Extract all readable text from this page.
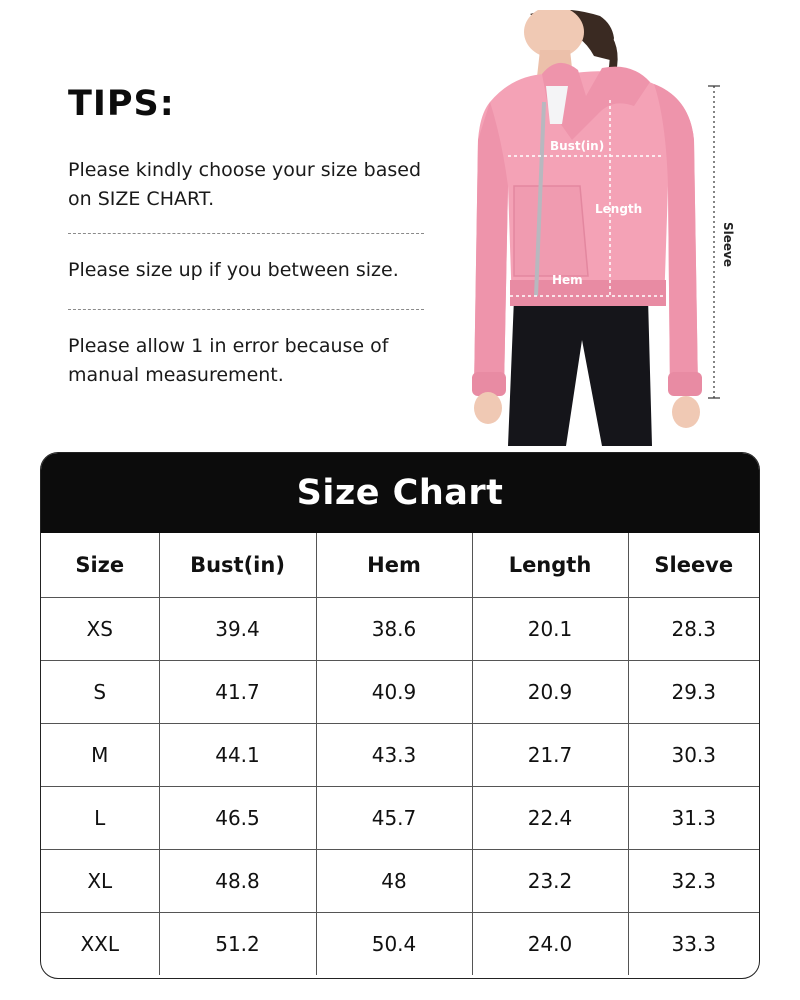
TIPS:
Please kindly choose your size based on SIZE CHART.
Please size up if you between size.
Please allow 1 in error because of manual measurement.
Bust(in)
Length
Hem
Sleeve
Size Chart
Size	Bust(in)	Hem	Length	Sleeve
XS	39.4	38.6	20.1	28.3
S	41.7	40.9	20.9	29.3
M	44.1	43.3	21.7	30.3
L	46.5	45.7	22.4	31.3
XL	48.8	48	23.2	32.3
XXL	51.2	50.4	24.0	33.3
